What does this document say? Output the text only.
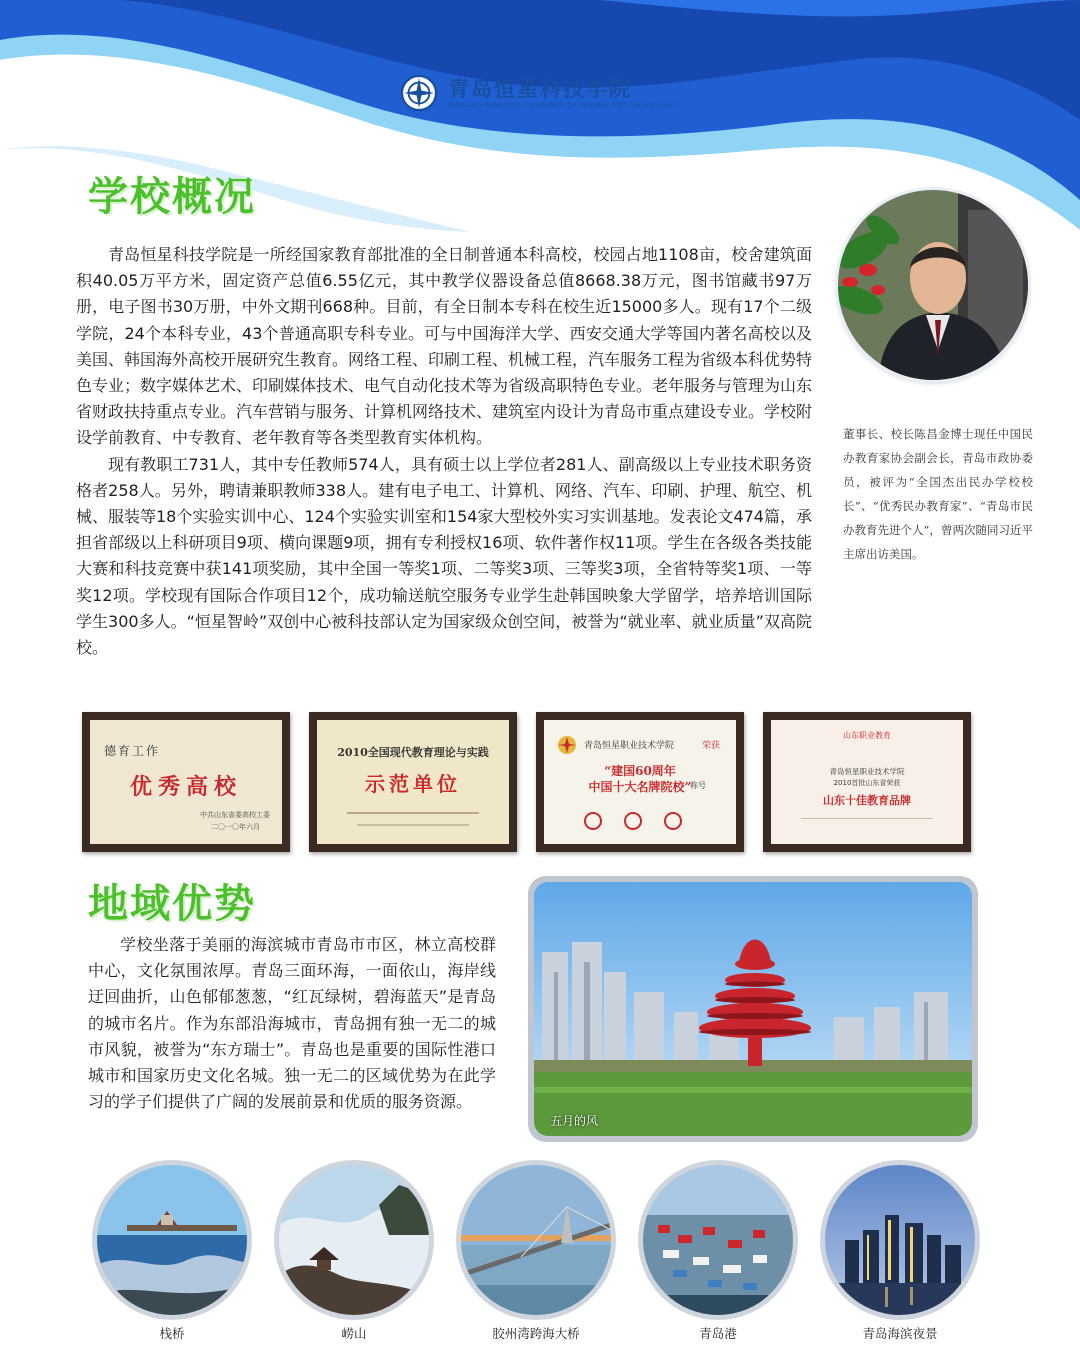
青岛恒星科技学院
QINGDAO HENGXING UNIVERSITY OF SCIENCE AND TECHNOLOGY
学校概况

青岛恒星科技学院是一所经国家教育部批准的全日制普通本科高校，校园占地1108亩，校舍建筑面积40.05万平方米，固定资产总值6.55亿元，其中教学仪器设备总值8668.38万元，图书馆藏书97万册，电子图书30万册，中外文期刊668种。目前，有全日制本专科在校生近15000多人。现有17个二级学院，24个本科专业，43个普通高职专科专业。可与中国海洋大学、西安交通大学等国内著名高校以及美国、韩国海外高校开展研究生教育。网络工程、印刷工程、机械工程，汽车服务工程为省级本科优势特色专业；数字媒体艺术、印刷媒体技术、电气自动化技术等为省级高职特色专业。老年服务与管理为山东省财政扶持重点专业。汽车营销与服务、计算机网络技术、建筑室内设计为青岛市重点建设专业。学校附设学前教育、中专教育、老年教育等各类型教育实体机构。

现有教职工731人，其中专任教师574人，具有硕士以上学位者281人、副高级以上专业技术职务资格者258人。另外，聘请兼职教师338人。建有电子电工、计算机、网络、汽车、印刷、护理、航空、机械、服装等18个实验实训中心、124个实验实训室和154家大型校外实习实训基地。发表论文474篇，承担省部级以上科研项目9项、横向课题9项，拥有专利授权16项、软件著作权11项。学生在各级各类技能大赛和科技竞赛中获141项奖励，其中全国一等奖1项、二等奖3项、三等奖3项，全省特等奖1项、一等奖12项。学校现有国际合作项目12个，成功输送航空服务专业学生赴韩国映象大学留学，培养培训国际学生300多人。“恒星智岭”双创中心被科技部认定为国家级众创空间，被誉为“就业率、就业质量”双高院校。

董事长、校长陈昌金博士现任中国民办教育家协会副会长，青岛市政协委员，被评为“全国杰出民办学校校长”、“优秀民办教育家”、“青岛市民办教育先进个人”，曾两次随同习近平主席出访美国。
德育工作
优秀高校
中共山东省委高校工委
二〇一〇年六月
2010全国现代教育理论与实践
示范单位
青岛恒星职业技术学院	荣获
“建国60周年
中国十大名牌院校”
称号
山东职业教育
青岛恒星职业技术学院
2010首批山东省荣获
山东十佳教育品牌
地域优势

学校坐落于美丽的海滨城市青岛市市区，林立高校群中心，文化氛围浓厚。青岛三面环海，一面依山，海岸线迂回曲折，山色郁郁葱葱，“红瓦绿树，碧海蓝天”是青岛的城市名片。作为东部沿海城市，青岛拥有独一无二的城市风貌，被誉为“东方瑞士”。青岛也是重要的国际性港口城市和国家历史文化名城。独一无二的区域优势为在此学习的学子们提供了广阔的发展前景和优质的服务资源。

五月的风
栈桥	崂山	胶州湾跨海大桥	青岛港	青岛海滨夜景
